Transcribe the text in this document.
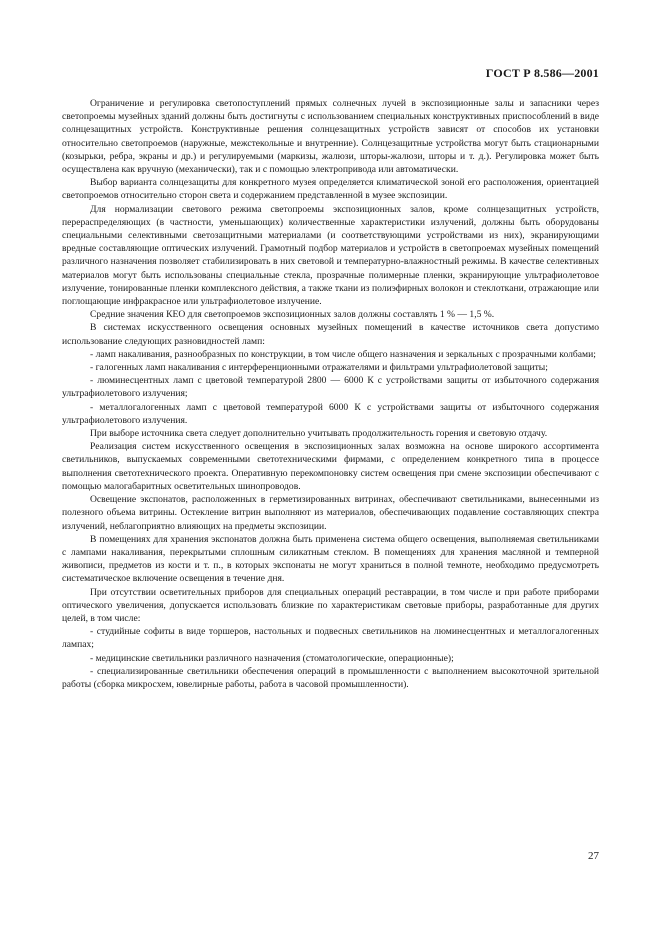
ГОСТ Р 8.586—2001

Ограничение и регулировка светопоступлений прямых солнечных лучей в экспозиционные залы и запасники через светопроемы музейных зданий должны быть достигнуты с использованием специальных конструктивных приспособлений в виде солнцезащитных устройств. Конструктивные решения солнцезащитных устройств зависят от способов их установки относительно светопроемов (наружные, межстекольные и внутренние). Солнцезащитные устройства могут быть стационарными (козырьки, ребра, экраны и др.) и регулируемыми (маркизы, жалюзи, шторы-жалюзи, шторы и т. д.). Регулировка может быть осуществлена как вручную (механически), так и с помощью электропривода или автоматически.

Выбор варианта солнцезащиты для конкретного музея определяется климатической зоной его расположения, ориентацией светопроемов относительно сторон света и содержанием представленной в музее экспозиции.

Для нормализации светового режима светопроемы экспозиционных залов, кроме солнцезащитных устройств, перераспределяющих (в частности, уменьшающих) количественные характеристики излучений, должны быть оборудованы специальными селективными светозащитными материалами (и соответствующими устройствами из них), экранирующими вредные составляющие оптических излучений. Грамотный подбор материалов и устройств в светопроемах музейных помещений различного назначения позволяет стабилизировать в них световой и температурно-влажностный режимы. В качестве селективных материалов могут быть использованы специальные стекла, прозрачные полимерные пленки, экранирующие ультрафиолетовое излучение, тонированные пленки комплексного действия, а также ткани из полиэфирных волокон и стеклоткани, отражающие или поглощающие инфракрасное или ультрафиолетовое излучение.

Средние значения КЕО для светопроемов экспозиционных залов должны составлять 1 % — 1,5 %.

В системах искусственного освещения основных музейных помещений в качестве источников света допустимо использование следующих разновидностей ламп:

- ламп накаливания, разнообразных по конструкции, в том числе общего назначения и зеркальных с прозрачными колбами;

- галогенных ламп накаливания с интерференционными отражателями и фильтрами ультрафиолетовой защиты;

- люминесцентных ламп с цветовой температурой 2800 — 6000 К с устройствами защиты от избыточного содержания ультрафиолетового излучения;

- металлогалогенных ламп с цветовой температурой 6000 К с устройствами защиты от избыточного содержания ультрафиолетового излучения.

При выборе источника света следует дополнительно учитывать продолжительность горения и световую отдачу.

Реализация систем искусственного освещения в экспозиционных залах возможна на основе широкого ассортимента светильников, выпускаемых современными светотехническими фирмами, с определением конкретного типа в процессе выполнения светотехнического проекта. Оперативную перекомпоновку систем освещения при смене экспозиции обеспечивают с помощью малогабаритных осветительных шинопроводов.

Освещение экспонатов, расположенных в герметизированных витринах, обеспечивают светильниками, вынесенными из полезного объема витрины. Остекление витрин выполняют из материалов, обеспечивающих подавление составляющих спектра излучений, неблагоприятно влияющих на предметы экспозиции.

В помещениях для хранения экспонатов должна быть применена система общего освещения, выполняемая светильниками с лампами накаливания, перекрытыми сплошным силикатным стеклом. В помещениях для хранения масляной и темперной живописи, предметов из кости и т. п., в которых экспонаты не могут храниться в полной темноте, необходимо предусмотреть систематическое включение освещения в течение дня.

При отсутствии осветительных приборов для специальных операций реставрации, в том числе и при работе приборами оптического увеличения, допускается использовать близкие по характеристикам световые приборы, разработанные для других целей, в том числе:

- студийные софиты в виде торшеров, настольных и подвесных светильников на люминесцентных и металлогалогенных лампах;

- медицинские светильники различного назначения (стоматологические, операционные);

- специализированные светильники обеспечения операций в промышленности с выполнением высокоточной зрительной работы (сборка микросхем, ювелирные работы, работа в часовой промышленности).

27
